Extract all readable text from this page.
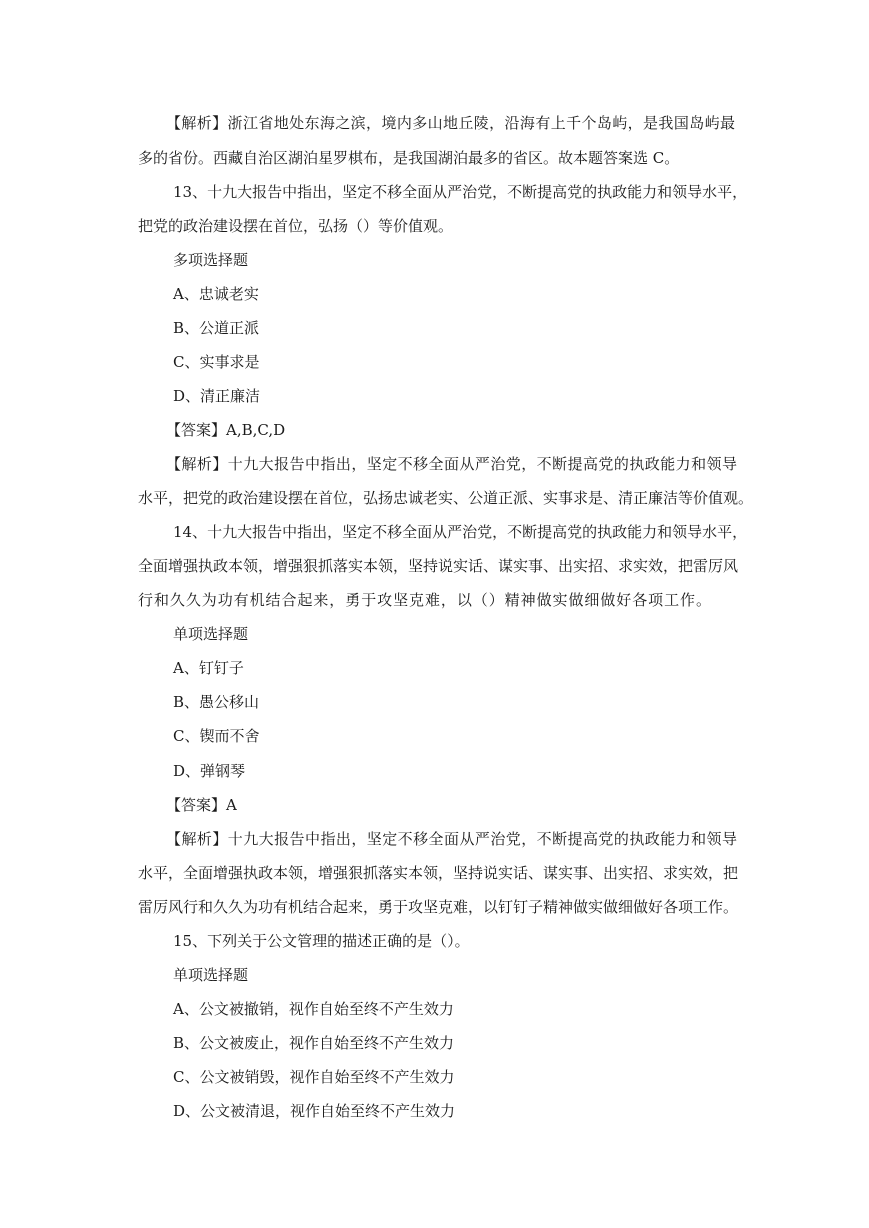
【解析】浙江省地处东海之滨，境内多山地丘陵，沿海有上千个岛屿，是我国岛屿最
多的省份。西藏自治区湖泊星罗棋布，是我国湖泊最多的省区。故本题答案选 C。
13、十九大报告中指出，坚定不移全面从严治党，不断提高党的执政能力和领导水平，
把党的政治建设摆在首位，弘扬（）等价值观。
多项选择题
A、忠诚老实
B、公道正派
C、实事求是
D、清正廉洁
【答案】A,B,C,D
【解析】十九大报告中指出，坚定不移全面从严治党，不断提高党的执政能力和领导
水平，把党的政治建设摆在首位，弘扬忠诚老实、公道正派、实事求是、清正廉洁等价值观。
14、十九大报告中指出，坚定不移全面从严治党，不断提高党的执政能力和领导水平，
全面增强执政本领，增强狠抓落实本领，坚持说实话、谋实事、出实招、求实效，把雷厉风
行和久久为功有机结合起来，勇于攻坚克难，以（）精神做实做细做好各项工作。
单项选择题
A、钉钉子
B、愚公移山
C、锲而不舍
D、弹钢琴
【答案】A
【解析】十九大报告中指出，坚定不移全面从严治党，不断提高党的执政能力和领导
水平，全面增强执政本领，增强狠抓落实本领，坚持说实话、谋实事、出实招、求实效，把
雷厉风行和久久为功有机结合起来，勇于攻坚克难，以钉钉子精神做实做细做好各项工作。
15、下列关于公文管理的描述正确的是（）。
单项选择题
A、公文被撤销，视作自始至终不产生效力
B、公文被废止，视作自始至终不产生效力
C、公文被销毁，视作自始至终不产生效力
D、公文被清退，视作自始至终不产生效力
